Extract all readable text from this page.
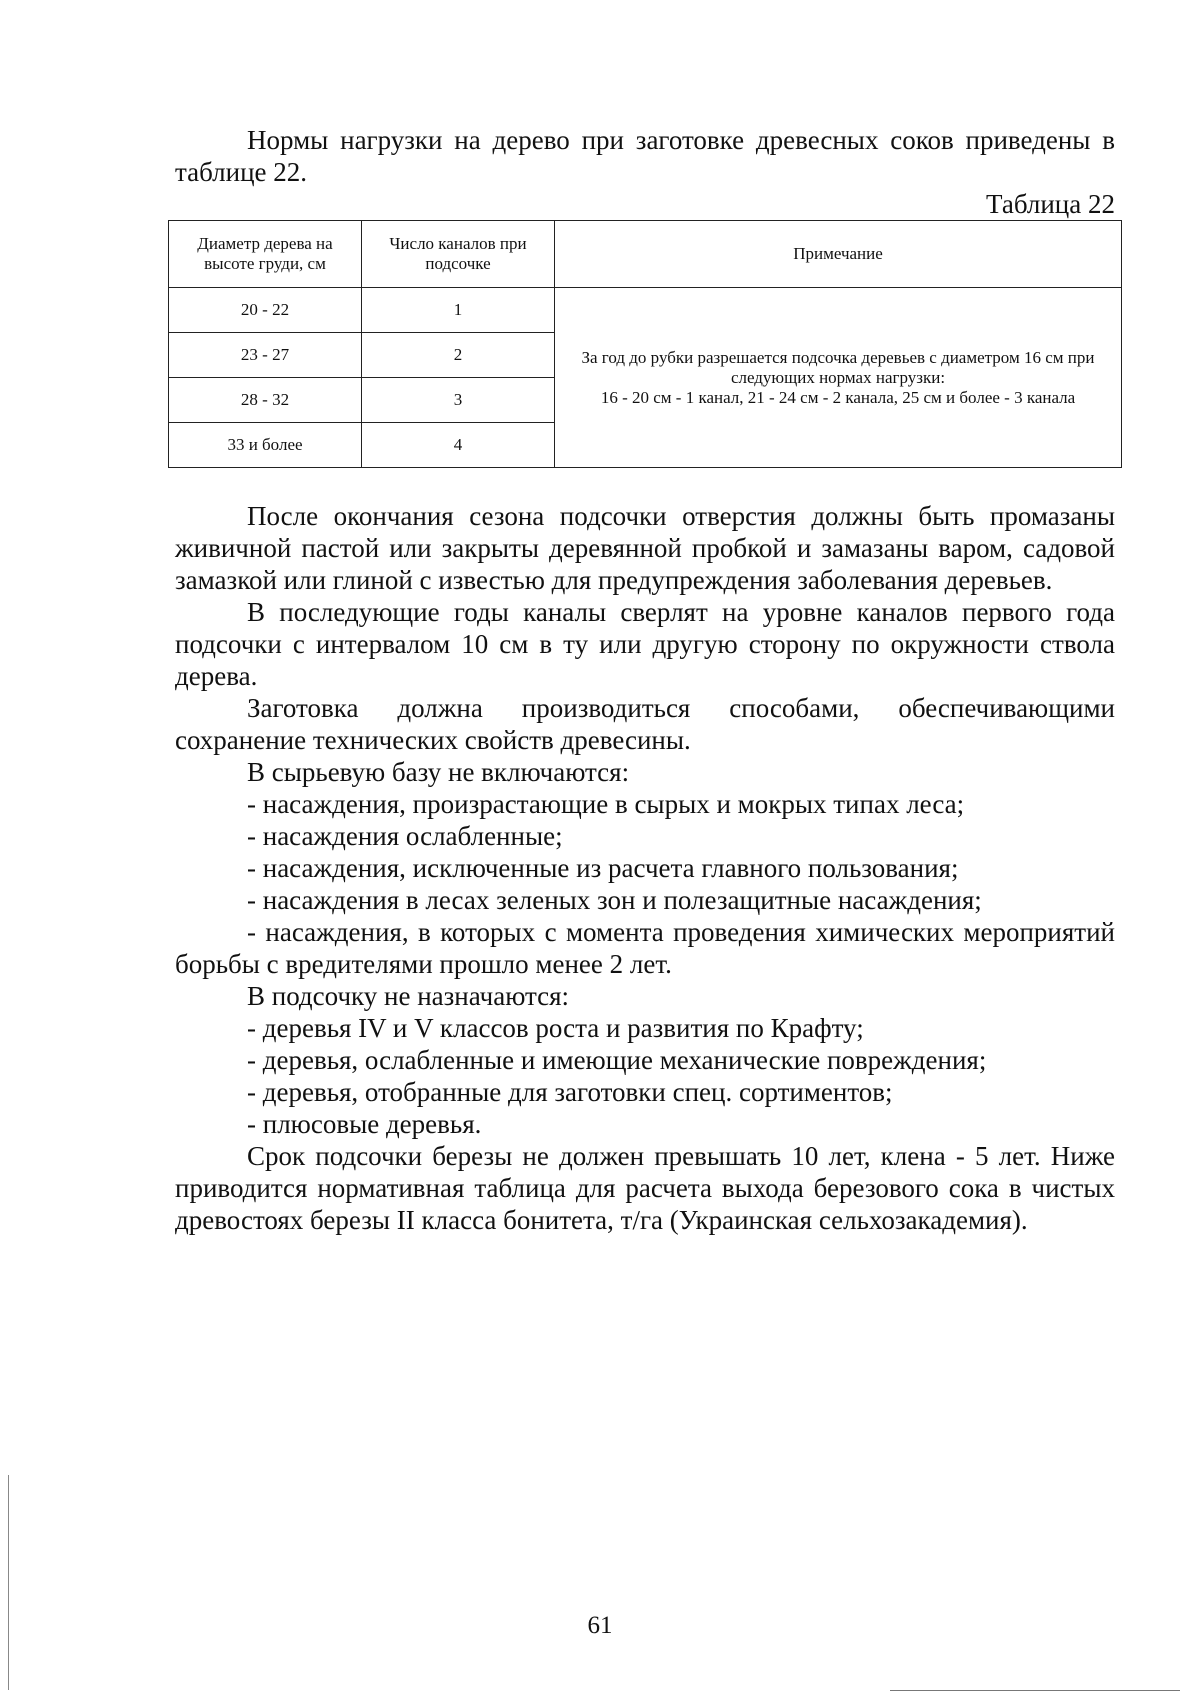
Нормы нагрузки на дерево при заготовке древесных соков приведены в таблице 22.

Таблица 22
Диаметр дерева на высоте груди, см	Число каналов при подсочке	Примечание
20 - 22	1	За год до рубки разрешается подсочка деревьев с диаметром 16 см при следующих нормах нагрузки:
16 - 20 см - 1 канал, 21 - 24 см - 2 канала, 25 см и более - 3 канала

23 - 27	2	
28 - 32	3	
33 и более	4	

После окончания сезона подсочки отверстия должны быть промазаны живичной пастой или закрыты деревянной пробкой и замазаны варом, садовой замазкой или глиной с известью для предупреждения заболевания деревьев.

В последующие годы каналы сверлят на уровне каналов первого года подсочки с интервалом 10 см в ту или другую сторону по окружности ствола дерева.

Заготовка должна производиться способами, обеспечивающими сохранение технических свойств древесины.

В сырьевую базу не включаются:

- насаждения, произрастающие в сырых и мокрых типах леса;

- насаждения ослабленные;

- насаждения, исключенные из расчета главного пользования;

- насаждения в лесах зеленых зон и полезащитные насаждения;

- насаждения, в которых с момента проведения химических мероприятий борьбы с вредителями прошло менее 2 лет.

В подсочку не назначаются:

- деревья IV и V классов роста и развития по Крафту;

- деревья, ослабленные и имеющие механические повреждения;

- деревья, отобранные для заготовки спец. сортиментов;

- плюсовые деревья.

Срок подсочки березы не должен превышать 10 лет, клена - 5 лет. Ниже приводится нормативная таблица для расчета выхода березового сока в чистых древостоях березы II класса бонитета, т/га (Украинская сельхозакадемия).

61
